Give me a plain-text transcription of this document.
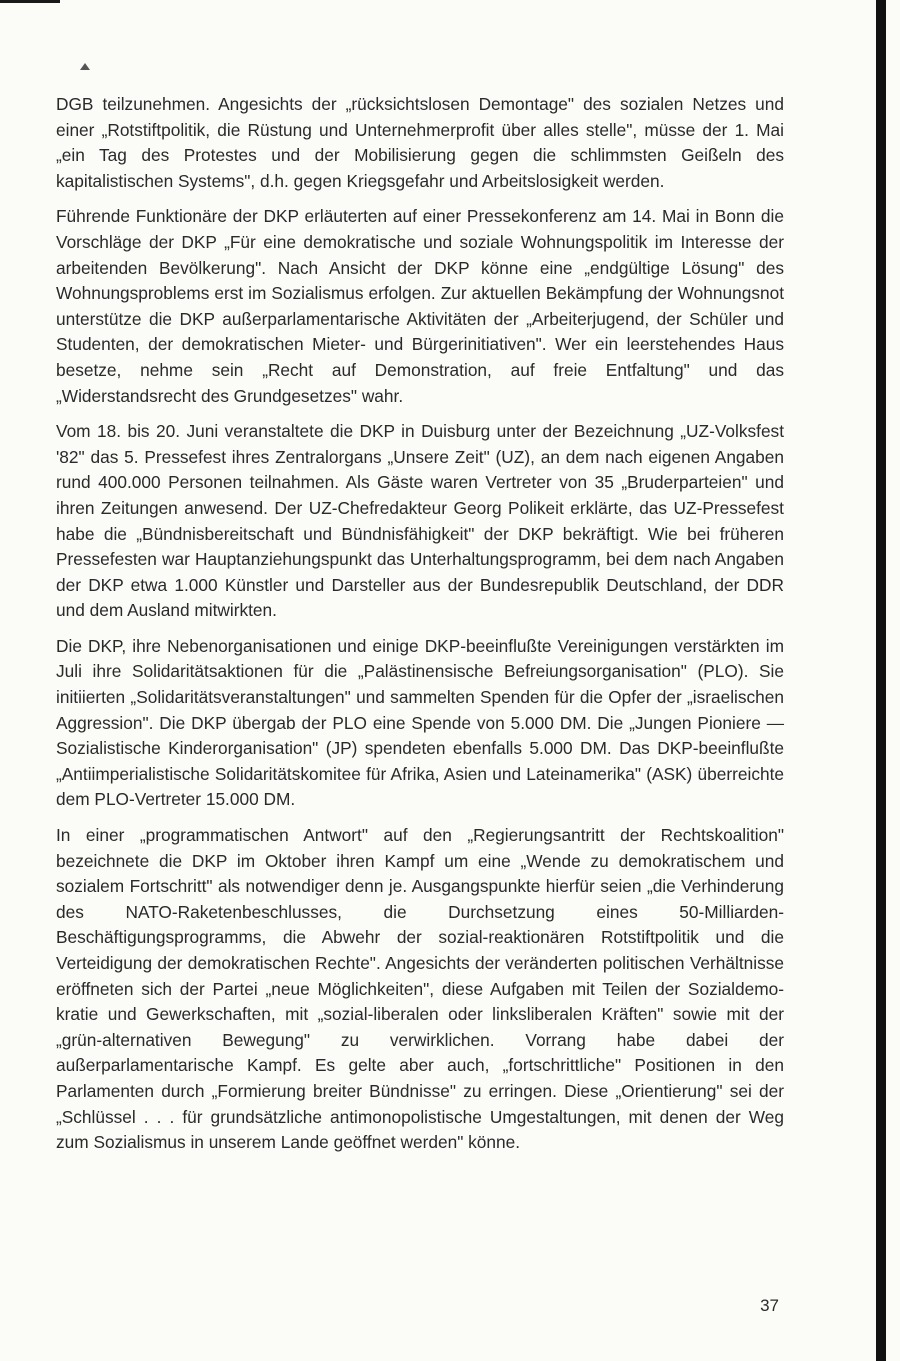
DGB teilzunehmen. Angesichts der „rücksichtslosen Demontage" des sozialen Netzes und einer „Rotstiftpolitik, die Rüstung und Unternehmerprofit über alles stelle", müsse der 1. Mai „ein Tag des Protestes und der Mobilisierung gegen die schlimmsten Geißeln des kapitalistischen Systems", d.h. gegen Kriegsgefahr und Arbeitslosigkeit werden.

Führende Funktionäre der DKP erläuterten auf einer Pressekonferenz am 14. Mai in Bonn die Vorschläge der DKP „Für eine demokratische und soziale Wohnungspolitik im Interesse der arbeitenden Bevölkerung". Nach Ansicht der DKP könne eine „endgültige Lösung" des Wohnungsproblems erst im Sozialismus erfolgen. Zur aktuellen Bekämpfung der Wohnungsnot unterstütze die DKP außerparlamentarische Aktivitäten der „Arbeiterjugend, der Schüler und Studenten, der demokratischen Mieter- und Bürgerinitiativen". Wer ein leerstehendes Haus besetze, nehme sein „Recht auf Demonstration, auf freie Entfaltung" und das „Widerstandsrecht des Grundgesetzes" wahr.

Vom 18. bis 20. Juni veranstaltete die DKP in Duisburg unter der Bezeichnung „UZ-Volksfest '82" das 5. Pressefest ihres Zentralorgans „Unsere Zeit" (UZ), an dem nach eigenen Angaben rund 400.000 Personen teilnahmen. Als Gäste waren Vertreter von 35 „Bruderparteien" und ihren Zeitungen anwesend. Der UZ-Chefredakteur Georg Polikeit erklärte, das UZ-Pressefest habe die „Bündnisbereitschaft und Bündnisfähigkeit" der DKP bekräftigt. Wie bei früheren Pressefesten war Hauptanziehungspunkt das Unterhaltungsprogramm, bei dem nach Angaben der DKP etwa 1.000 Künstler und Darsteller aus der Bundesrepublik Deutschland, der DDR und dem Ausland mitwirkten.

Die DKP, ihre Nebenorganisationen und einige DKP-beeinflußte Vereinigungen verstärkten im Juli ihre Solidaritätsaktionen für die „Palästinensische Befreiungsorganisation" (PLO). Sie initiierten „Solidaritätsveranstaltungen" und sammelten Spenden für die Opfer der „israelischen Aggression". Die DKP übergab der PLO eine Spende von 5.000 DM. Die „Jungen Pioniere — Sozialistische Kinderorganisation" (JP) spendeten ebenfalls 5.000 DM. Das DKP-beeinflußte „Antiimperialistische Solidaritätskomitee für Afrika, Asien und Lateinamerika" (ASK) überreichte dem PLO-Vertreter 15.000 DM.

In einer „programmatischen Antwort" auf den „Regierungsantritt der Rechtskoalition" bezeichnete die DKP im Oktober ihren Kampf um eine „Wende zu demokratischem und sozialem Fortschritt" als notwendiger denn je. Ausgangspunkte hierfür seien „die Verhinderung des NATO-Raketenbeschlusses, die Durchsetzung eines 50-Milliarden-Beschäftigungsprogramms, die Abwehr der sozial-reaktionären Rotstiftpolitik und die Verteidigung der demokratischen Rechte". Angesichts der veränderten politischen Verhältnisse eröffneten sich der Partei „neue Möglichkeiten", diese Aufgaben mit Teilen der Sozialdemokratie und Gewerkschaften, mit „sozial-liberalen oder linksliberalen Kräften" sowie mit der „grün-alternativen Bewegung" zu verwirklichen. Vorrang habe dabei der außerparlamentarische Kampf. Es gelte aber auch, „fortschrittliche" Positionen in den Parlamenten durch „Formierung breiter Bündnisse" zu erringen. Diese „Orientierung" sei der „Schlüssel . . . für grundsätzliche antimonopolistische Umgestaltungen, mit denen der Weg zum Sozialismus in unserem Lande geöffnet werden" könne.

37
